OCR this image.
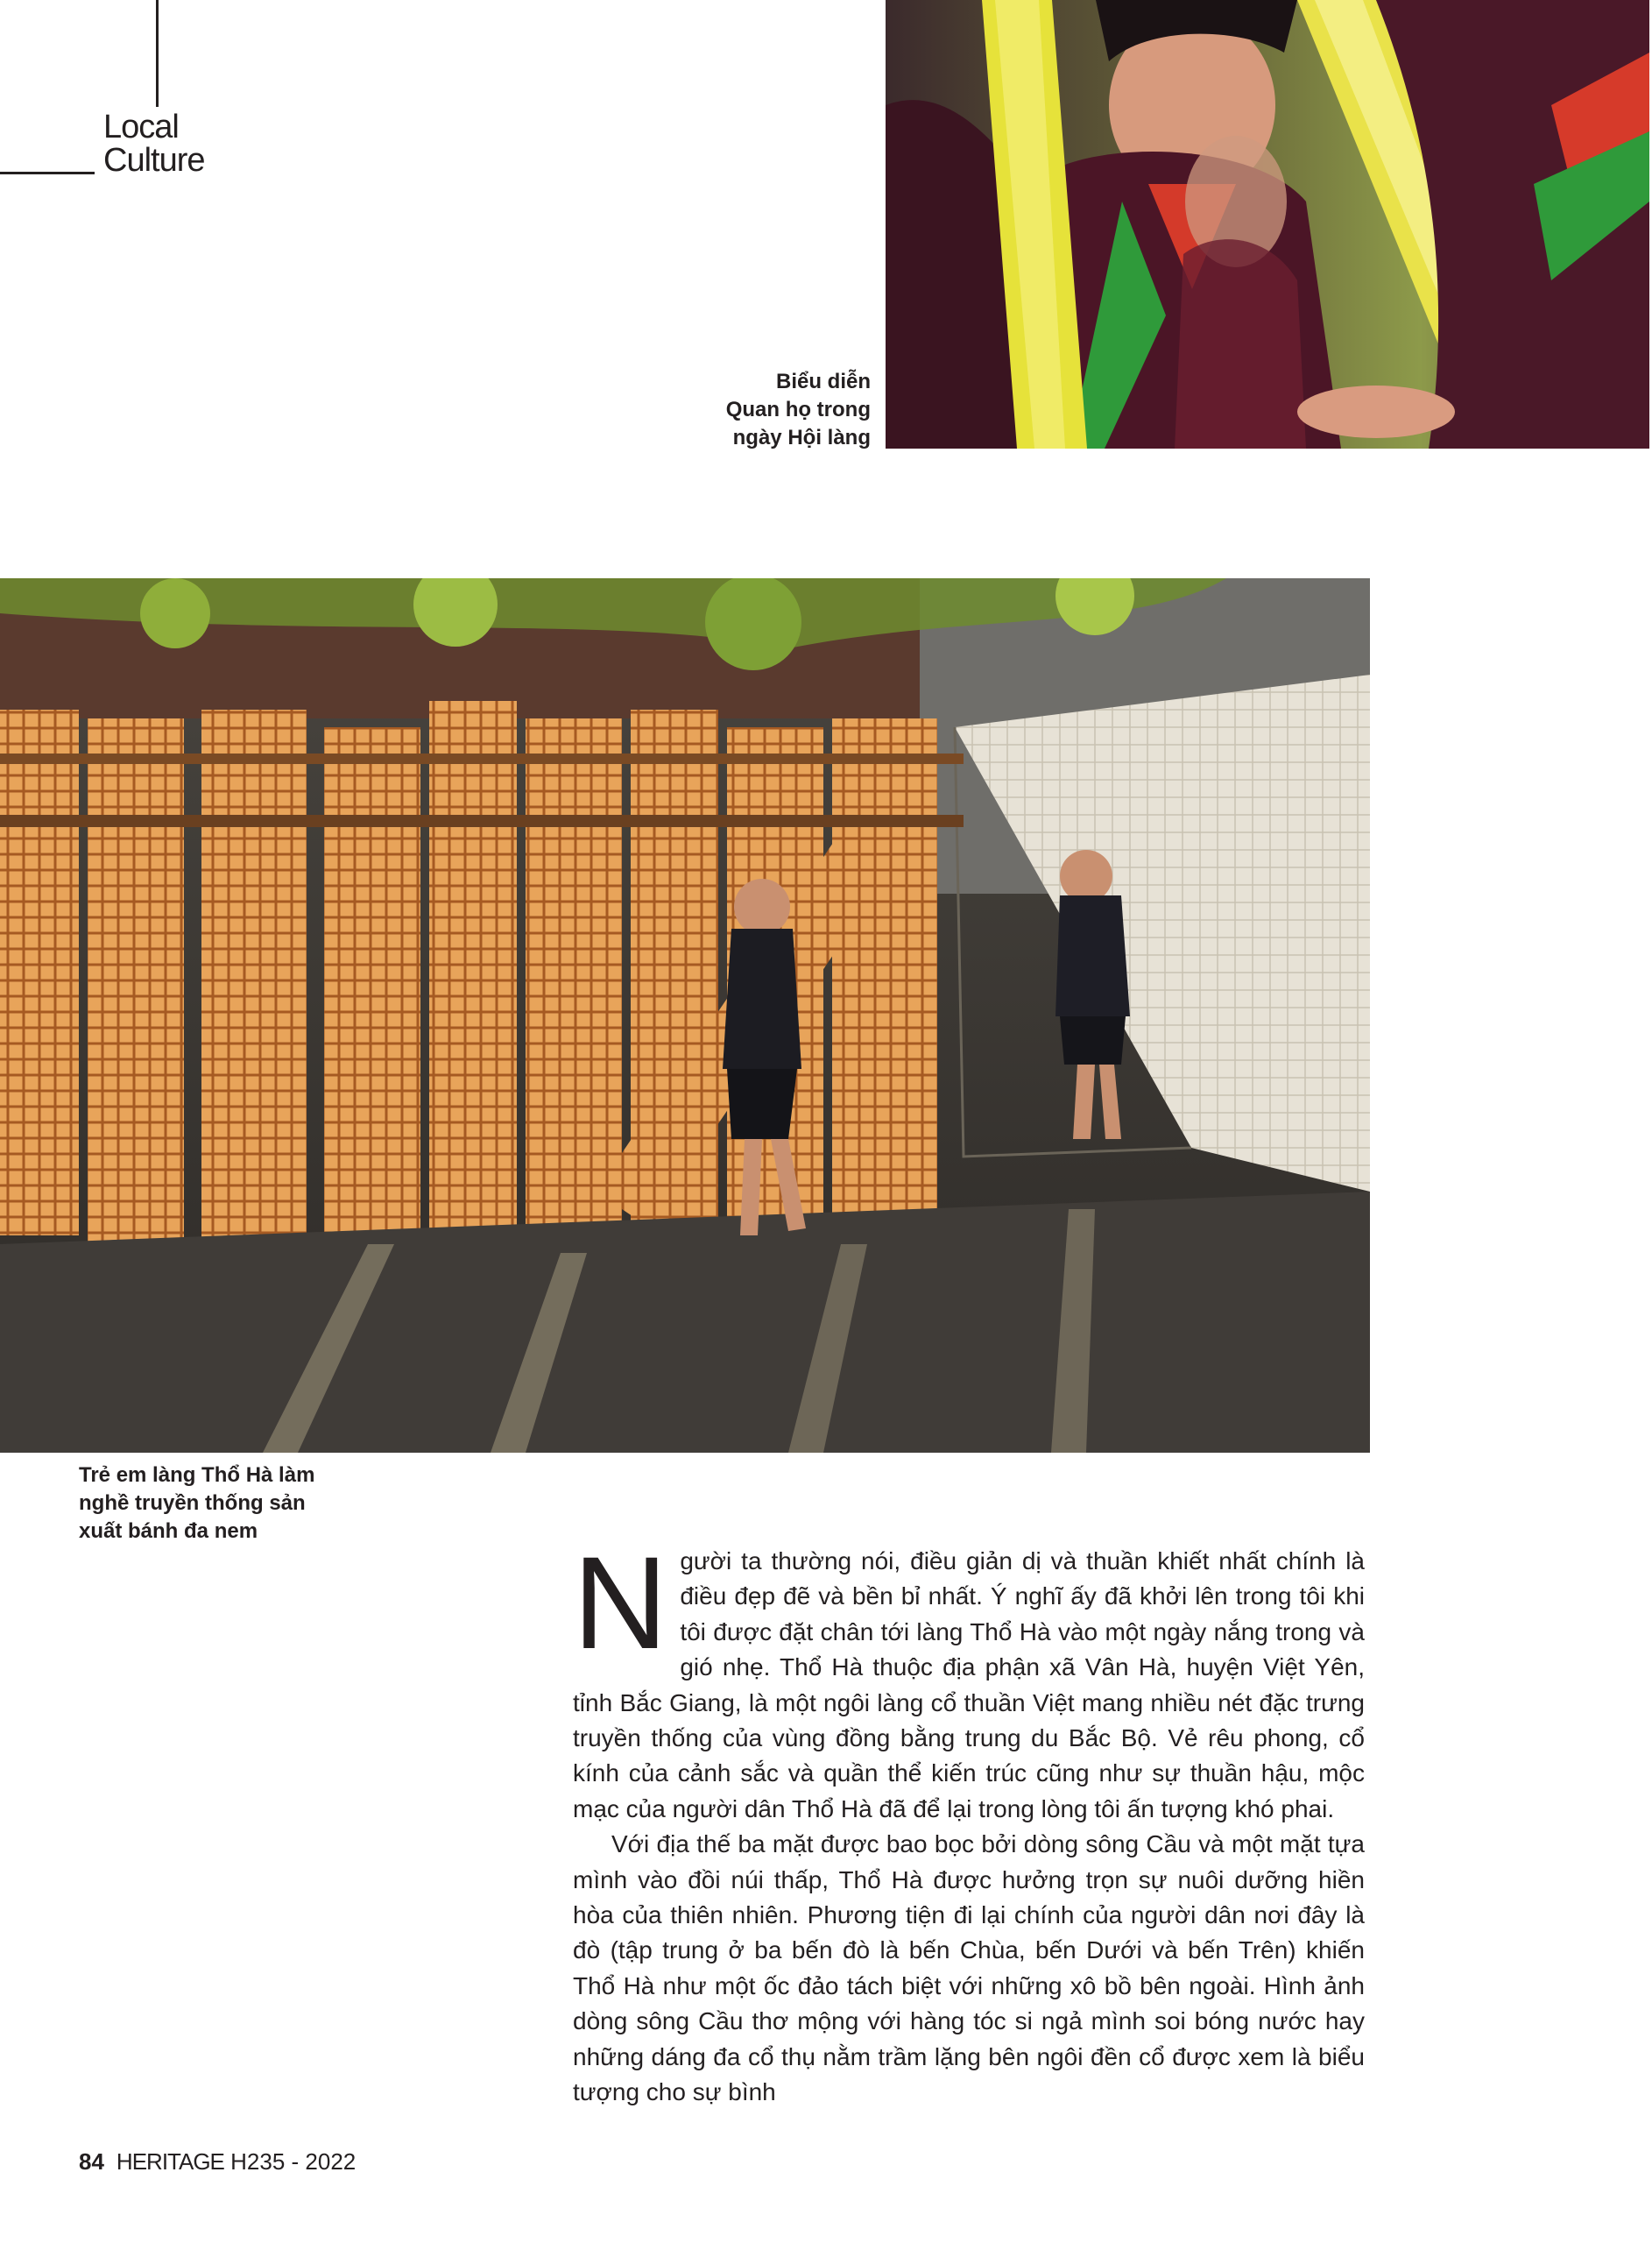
Local
Culture
Biểu diễn
Quan họ trong
ngày Hội làng
Trẻ em làng Thổ Hà làm
nghề truyền thống sản
xuất bánh đa nem	Người ta thường nói, điều giản dị và thuần khiết nhất chính là điều đẹp đẽ và bền bỉ nhất. Ý nghĩ ấy đã khởi lên trong tôi khi tôi được đặt chân tới làng Thổ Hà vào một ngày nắng trong và gió nhẹ. Thổ Hà thuộc địa phận xã Vân Hà, huyện Việt Yên, tỉnh Bắc Giang, là một ngôi làng cổ thuần Việt mang nhiều nét đặc trưng truyền thống của vùng đồng bằng trung du Bắc Bộ. Vẻ rêu phong, cổ kính của cảnh sắc và quần thể kiến trúc cũng như sự thuần hậu, mộc mạc của người dân Thổ Hà đã để lại trong lòng tôi ấn tượng khó phai.

Với địa thế ba mặt được bao bọc bởi dòng sông Cầu và một mặt tựa mình vào đồi núi thấp, Thổ Hà được hưởng trọn sự nuôi dưỡng hiền hòa của thiên nhiên. Phương tiện đi lại chính của người dân nơi đây là đò (tập trung ở ba bến đò là bến Chùa, bến Dưới và bến Trên) khiến Thổ Hà như một ốc đảo tách biệt với những xô bồ bên ngoài. Hình ảnh dòng sông Cầu thơ mộng với hàng tóc si ngả mình soi bóng nước hay những dáng đa cổ thụ nằm trầm lặng bên ngôi đền cổ được xem là biểu tượng cho sự bình

84 HERITAGE H235 - 2022
